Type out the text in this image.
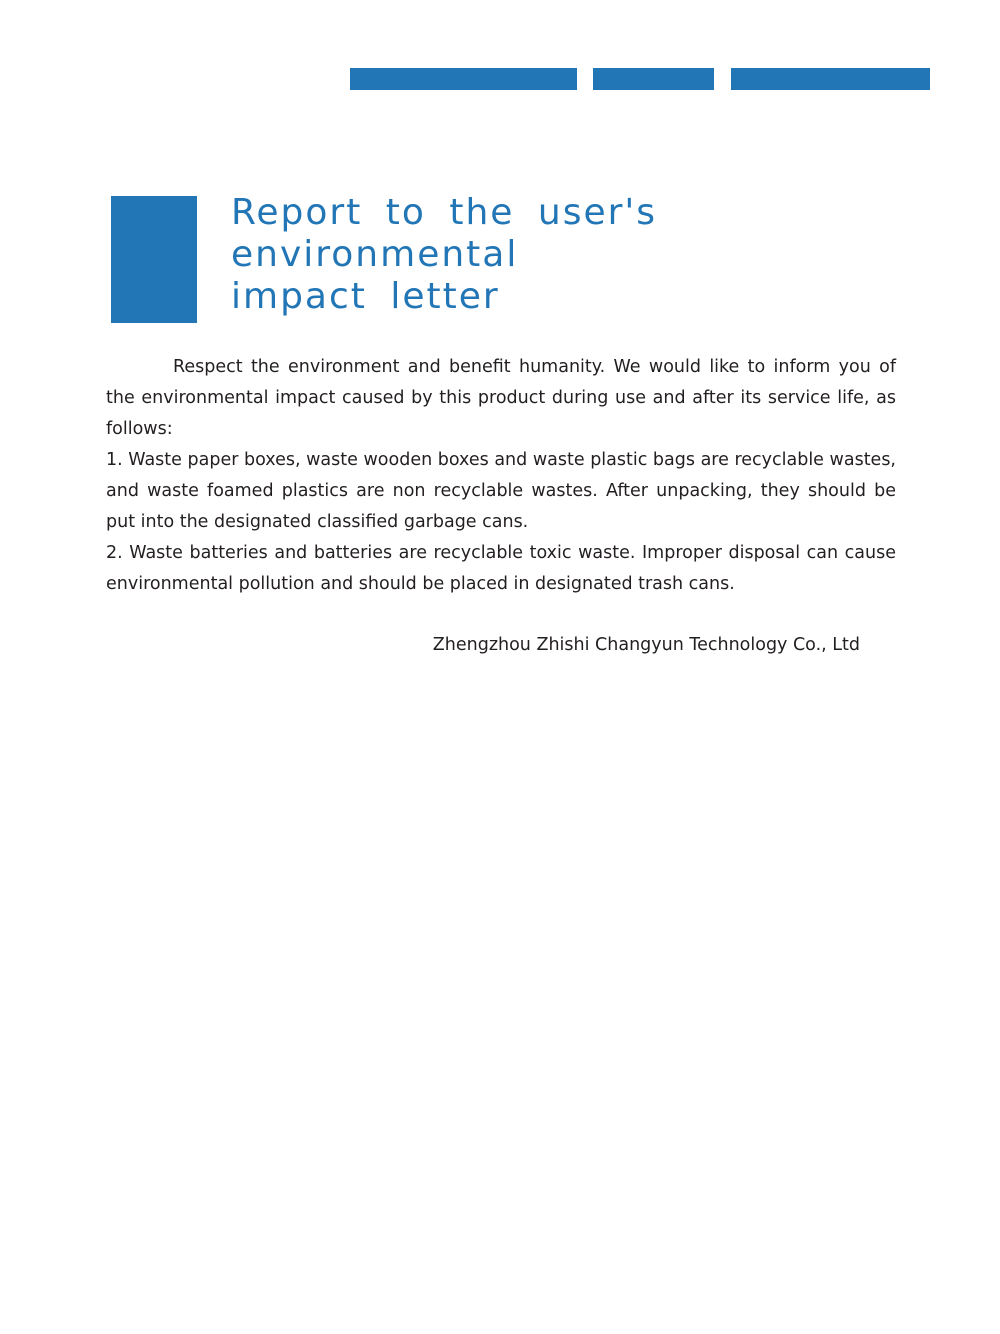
Report to the user's
environmental
impact letter

Respect the environment and benefit humanity. We would like to inform you of the environmental impact caused by this product during use and after its service life, as follows:

1. Waste paper boxes, waste wooden boxes and waste plastic bags are recyclable wastes, and waste foamed plastics are non recyclable wastes. After unpacking, they should be put into the designated classified garbage cans.

2. Waste batteries and batteries are recyclable toxic waste. Improper disposal can cause environmental pollution and should be placed in designated trash cans.

Zhengzhou Zhishi Changyun Technology Co., Ltd
